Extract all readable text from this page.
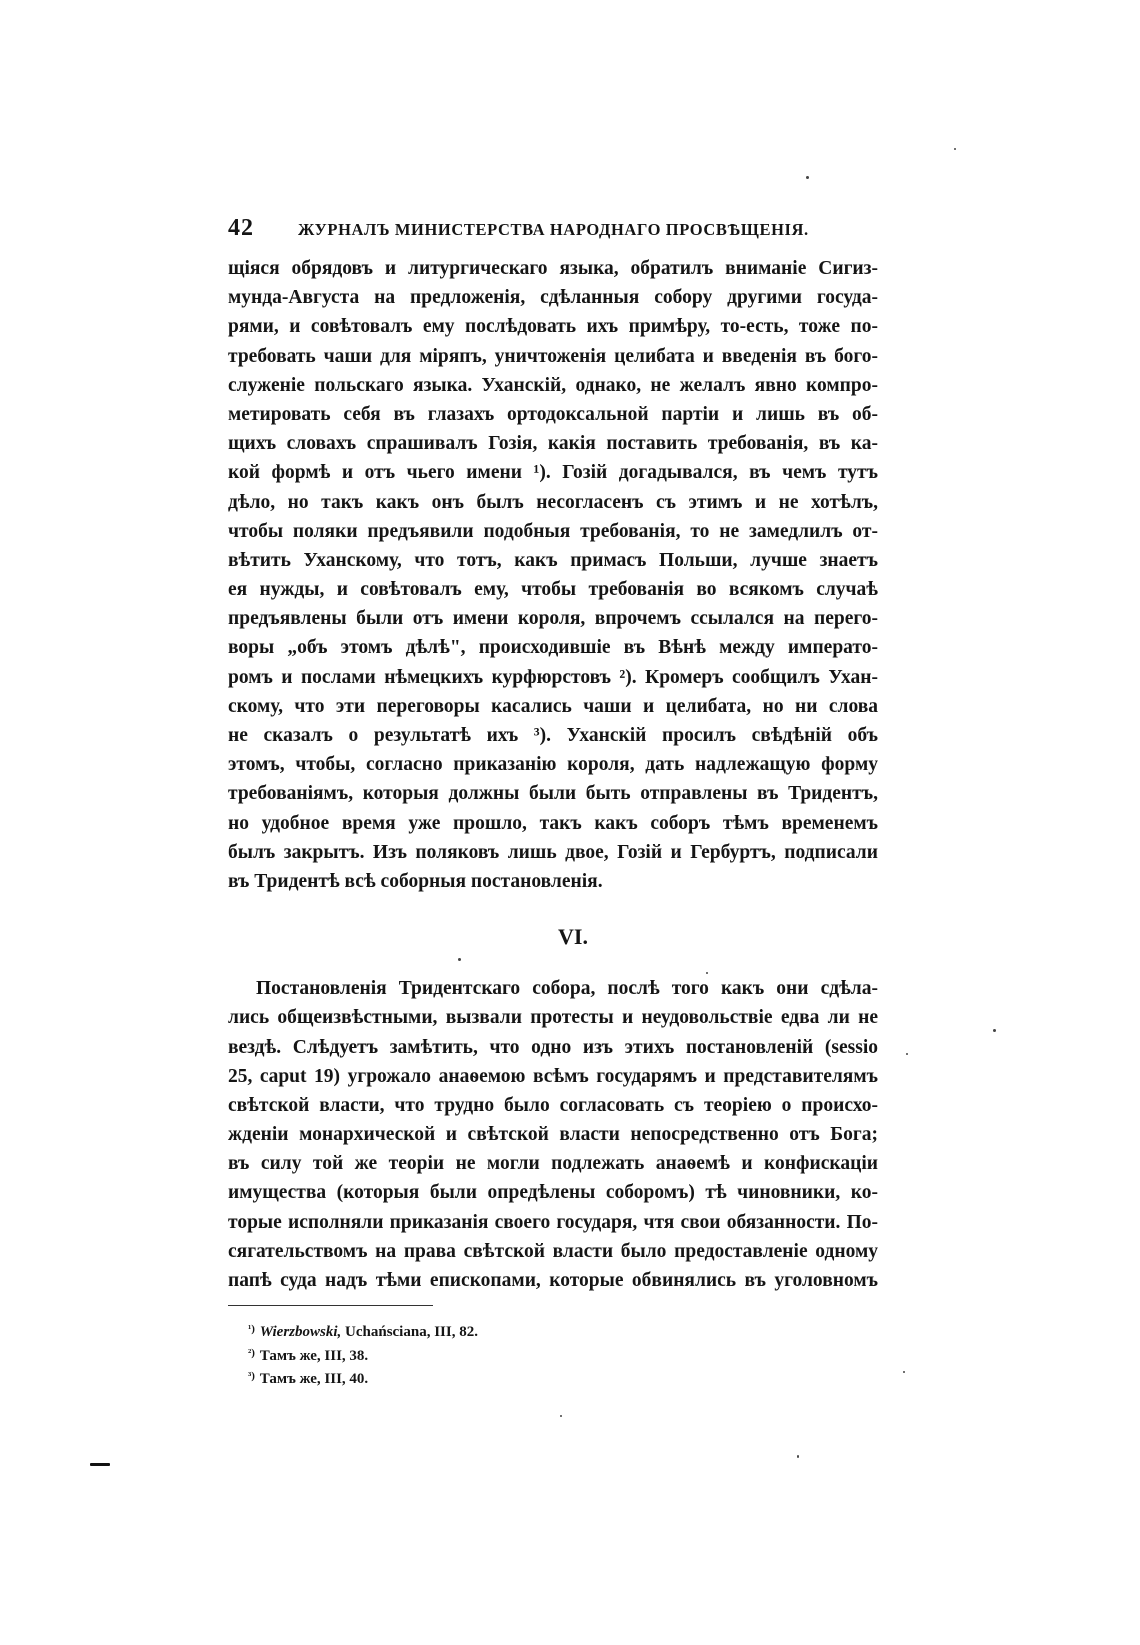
42	ЖУРНАЛЪ МИНИСТЕРСТВА НАРОДНАГО ПРОСВѢЩЕНІЯ.
щіяся обрядовъ и литургическаго языка, обратилъ вниманіе Сигиз-
мунда-Августа на предложенія, сдѣланныя собору другими госуда-
рями, и совѣтовалъ ему послѣдовать ихъ примѣру, то-есть, тоже по-
требовать чаши для міряпъ, уничтоженія целибата и введенія въ бого-
служеніе польскаго языка. Уханскій, однако, не желалъ явно компро-
метировать себя въ глазахъ ортодоксальной партіи и лишь въ об-
щихъ словахъ спрашивалъ Гозія, какія поставить требованія, въ ка-
кой формѣ и отъ чьего имени ¹). Гозій догадывался, въ чемъ тутъ
дѣло, но такъ какъ онъ былъ несогласенъ съ этимъ и не хотѣлъ,
чтобы поляки предъявили подобныя требованія, то не замедлилъ от-
вѣтить Уханскому, что тотъ, какъ примасъ Польши, лучше знаетъ
ея нужды, и совѣтовалъ ему, чтобы требованія во всякомъ случаѣ
предъявлены были отъ имени короля, впрочемъ ссылался на перего-
воры „объ этомъ дѣлѣ", происходившіе въ Вѣнѣ между императо-
ромъ и послами нѣмецкихъ курфюрстовъ ²). Кромеръ сообщилъ Ухан-
скому, что эти переговоры касались чаши и целибата, но ни слова
не сказалъ о результатѣ ихъ ³). Уханскій просилъ свѣдѣній объ
этомъ, чтобы, согласно приказанію короля, дать надлежащую форму
требованіямъ, которыя должны были быть отправлены въ Тридентъ,
но удобное время уже прошло, такъ какъ соборъ тѣмъ временемъ
былъ закрытъ. Изъ поляковъ лишь двое, Гозій и Гербуртъ, подписали
въ Тридентѣ всѣ соборныя постановленія.
VI.
Постановленія Тридентскаго собора, послѣ того какъ они сдѣла-
лись общеизвѣстными, вызвали протесты и неудовольствіе едва ли не
вездѣ. Слѣдуетъ замѣтить, что одно изъ этихъ постановленій (sessio
25, caput 19) угрожало анаѳемою всѣмъ государямъ и представителямъ
свѣтской власти, что трудно было согласовать съ теоріею о происхо-
жденіи монархической и свѣтской власти непосредственно отъ Бога;
въ силу той же теоріи не могли подлежать анаѳемѣ и конфискаціи
имущества (которыя были опредѣлены соборомъ) тѣ чиновники, ко-
торые исполняли приказанія своего государя, чтя свои обязанности. По-
сягательствомъ на права свѣтской власти было предоставленіе одному
папѣ суда надъ тѣми епископами, которые обвинялись въ уголовномъ
$^{^1)}$ Wierzbowski, Uchańsciana, III, 82.
$^{^2)}$ Тамъ же, III, 38.
$^{^3)}$ Тамъ же, III, 40.
